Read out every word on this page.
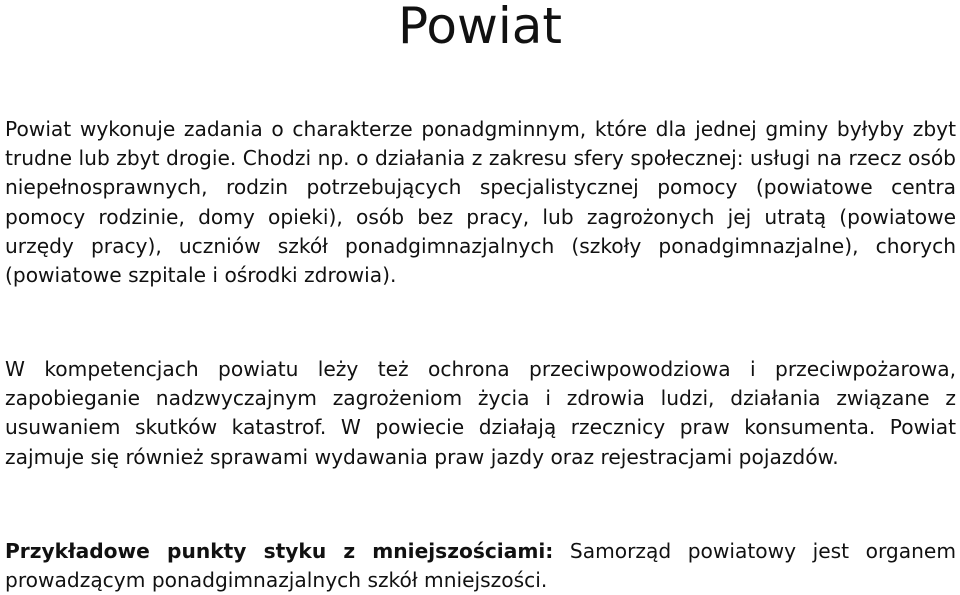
Powiat

Powiat wykonuje zadania o charakterze ponadgminnym, które dla jednej gminy byłyby zbyt trudne lub zbyt drogie. Chodzi np. o działania z zakresu sfery społecznej: usługi na rzecz osób niepełnosprawnych, rodzin potrzebujących specjalistycznej pomocy (powiatowe centra pomocy rodzinie, domy opieki), osób bez pracy, lub zagrożonych jej utratą (powiatowe urzędy pracy), uczniów szkół ponadgimnazjalnych (szkoły ponadgimnazjalne), chorych (powiatowe szpitale i ośrodki zdrowia).

W kompetencjach powiatu leży też ochrona przeciwpowodziowa i przeciwpożarowa, zapobieganie nadzwyczajnym zagrożeniom życia i zdrowia ludzi, działania związane z usuwaniem skutków katastrof. W powiecie działają rzecznicy praw konsumenta. Powiat zajmuje się również sprawami wydawania praw jazdy oraz rejestracjami pojazdów.

Przykładowe punkty styku z mniejszościami: Samorząd powiatowy jest organem prowadzącym ponadgimnazjalnych szkół mniejszości.
